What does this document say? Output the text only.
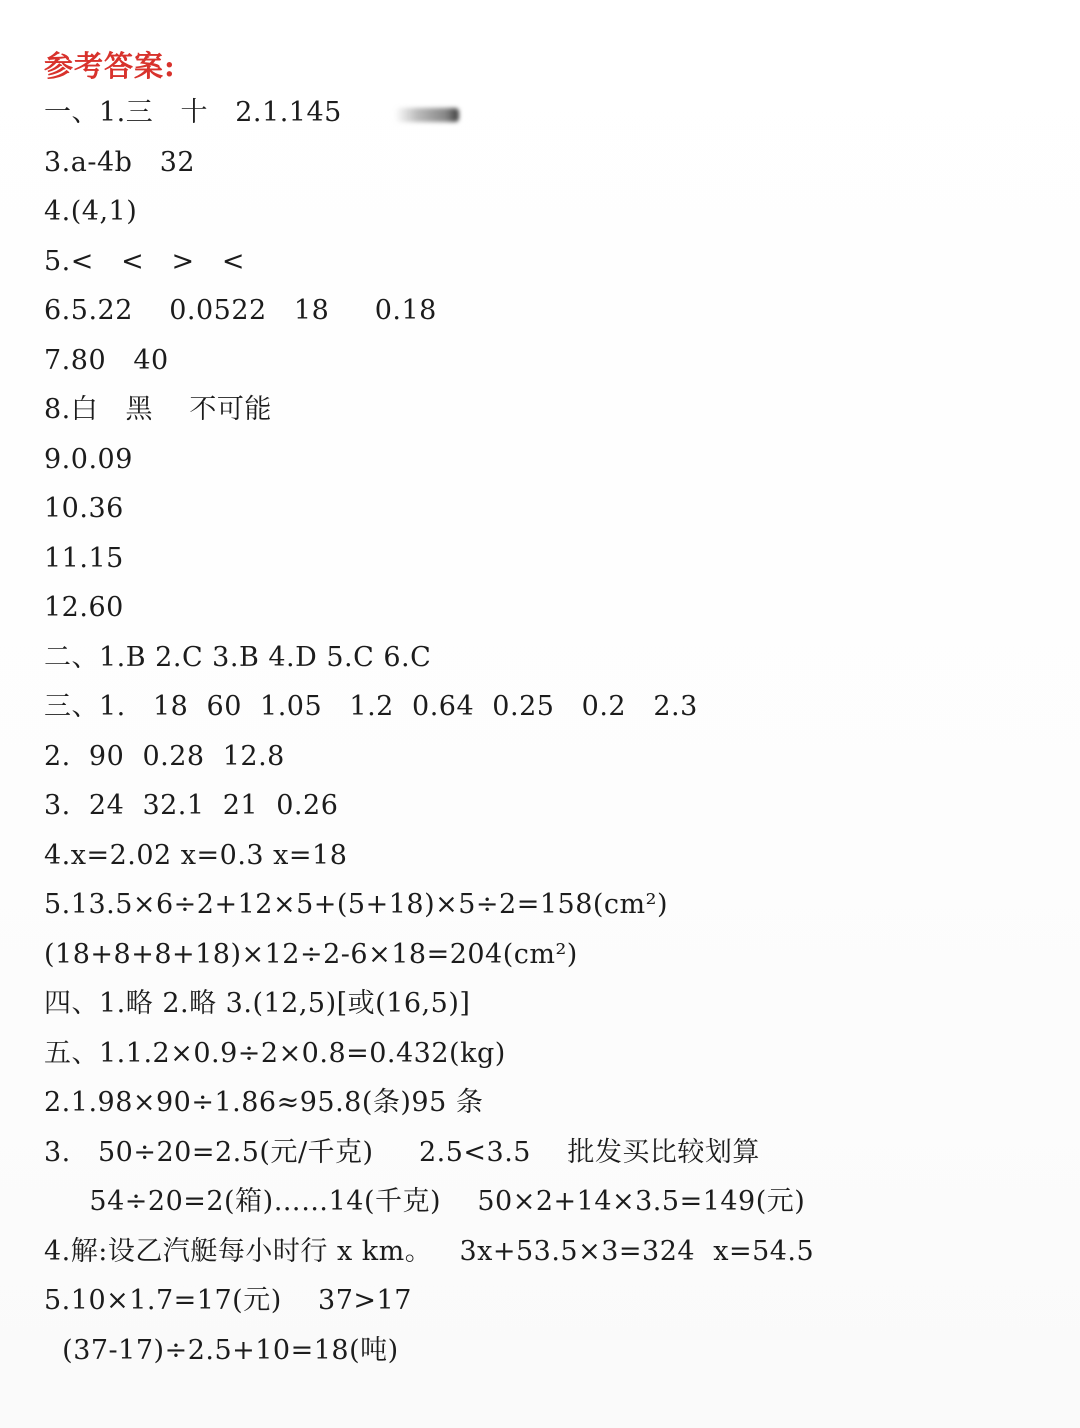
参考答案:
一、1.三   十   2.1.145
3.a-4b   32
4.(4,1)
5.<   <   >   <
6.5.22    0.0522   18     0.18
7.80   40
8.白   黑    不可能
9.0.09
10.36
11.15
12.60
二、1.B 2.C 3.B 4.D 5.C 6.C
三、1.   18  60  1.05   1.2  0.64  0.25   0.2   2.3
2.  90  0.28  12.8
3.  24  32.1  21  0.26
4.x=2.02 x=0.3 x=18
5.13.5×6÷2+12×5+(5+18)×5÷2=158(cm²)
(18+8+8+18)×12÷2-6×18=204(cm²)
四、1.略 2.略 3.(12,5)[或(16,5)]
五、1.1.2×0.9÷2×0.8=0.432(kg)
2.1.98×90÷1.86≈95.8(条)95 条
3.   50÷20=2.5(元/千克)     2.5<3.5    批发买比较划算
54÷20=2(箱)……14(千克)    50×2+14×3.5=149(元)
4.解:设乙汽艇每小时行 x km。   3x+53.5×3=324  x=54.5
5.10×1.7=17(元)    37>17
(37-17)÷2.5+10=18(吨)
